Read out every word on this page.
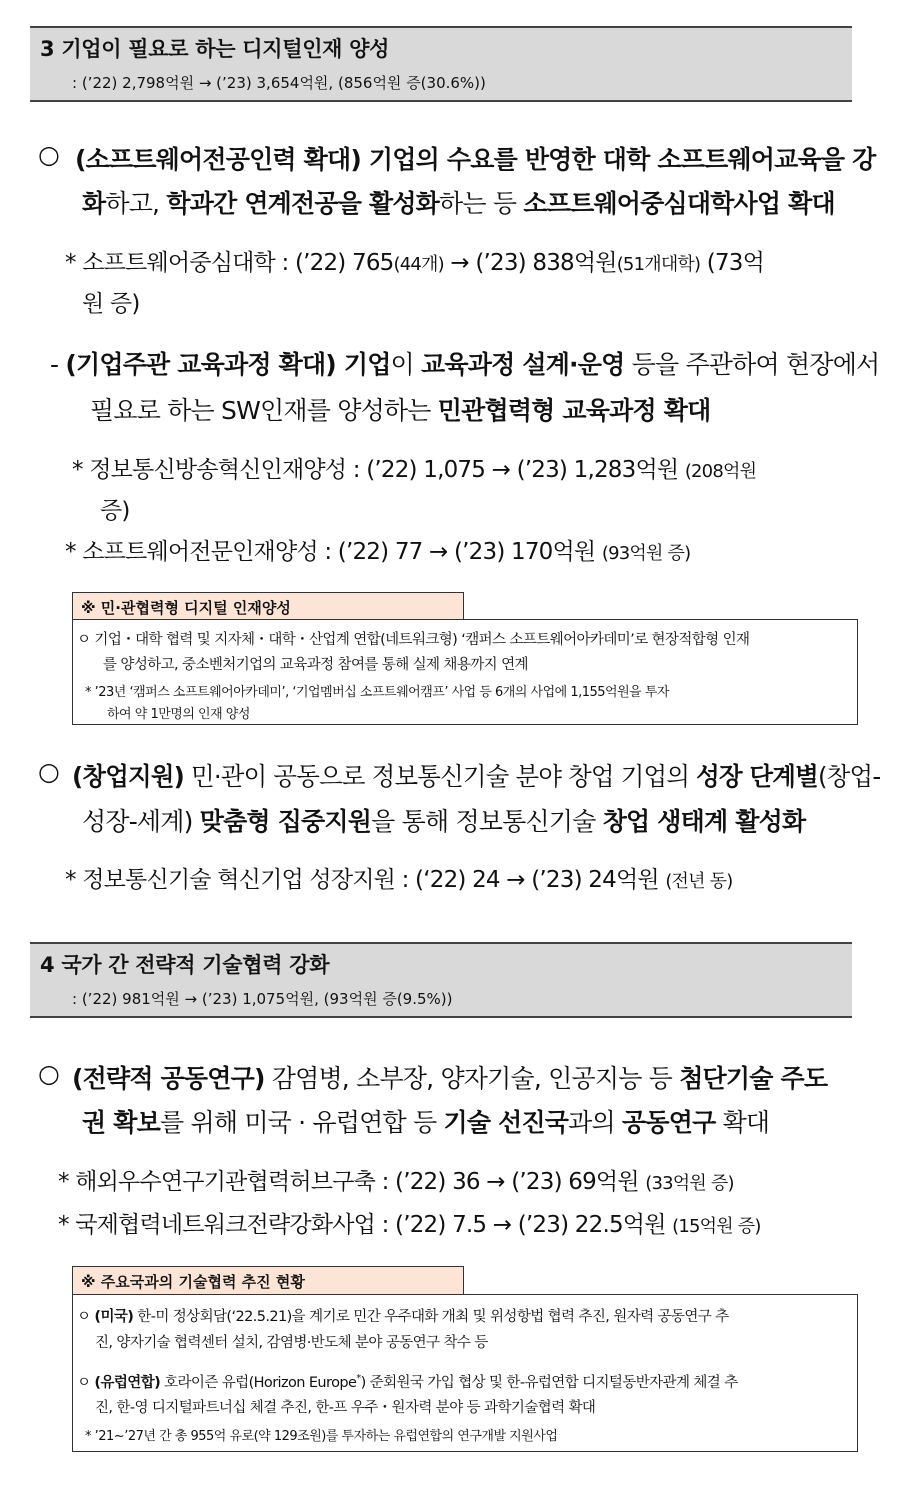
3 기업이 필요로 하는 디지털인재 양성
: (’22) 2,798억원 → (’23) 3,654억원, (856억원 증(30.6%))
○ (소프트웨어전공인력 확대) 기업의 수요를 반영한 대학 소프트웨어교육을 강
화하고, 학과간 연계전공을 활성화하는 등 소프트웨어중심대학사업 확대
* 소프트웨어중심대학 : (’22) 765(44개) → (’23) 838억원(51개대학) (73억
원 증)
- (기업주관 교육과정 확대) 기업이 교육과정 설계·운영 등을 주관하여 현장에서
필요로 하는 SW인재를 양성하는 민관협력형 교육과정 확대
* 정보통신방송혁신인재양성 : (’22) 1,075 → (’23) 1,283억원 (208억원
증)
* 소프트웨어전문인재양성 : (’22) 77 → (’23) 170억원 (93억원 증)
※ 민·관협력형 디지털 인재양성
ㅇ 기업・대학 협력 및 지자체・대학・산업계 연합(네트워크형) ‘캠퍼스 소프트웨어아카데미’로 현장적합형 인재
를 양성하고, 중소벤처기업의 교육과정 참여를 통해 실제 채용까지 연계
* ’23년 ‘캠퍼스 소프트웨어아카데미’, ‘기업멤버십 소프트웨어캠프’ 사업 등 6개의 사업에 1,155억원을 투자
하여 약 1만명의 인재 양성
○ (창업지원) 민·관이 공동으로 정보통신기술 분야 창업 기업의 성장 단계별(창업-
성장-세계) 맞춤형 집중지원을 통해 정보통신기술 창업 생태계 활성화
* 정보통신기술 혁신기업 성장지원 : (‘22) 24 → (’23) 24억원 (전년 동)
4 국가 간 전략적 기술협력 강화
: (’22) 981억원 → (’23) 1,075억원, (93억원 증(9.5%))
○ (전략적 공동연구) 감염병, 소부장, 양자기술, 인공지능 등 첨단기술 주도
권 확보를 위해 미국 · 유럽연합 등 기술 선진국과의 공동연구 확대
* 해외우수연구기관협력허브구축 : (’22) 36 → (’23) 69억원 (33억원 증)
* 국제협력네트워크전략강화사업 : (’22) 7.5 → (’23) 22.5억원 (15억원 증)
※ 주요국과의 기술협력 추진 현황
ㅇ (미국) 한-미 정상회담(‘22.5.21)을 계기로 민간 우주대화 개최 및 위성항법 협력 추진, 원자력 공동연구 추
진, 양자기술 협력센터 설치, 감염병·반도체 분야 공동연구 착수 등
ㅇ (유럽연합) 호라이즌 유럽(Horizon Europe*) 준회원국 가입 협상 및 한-유럽연합 디지털동반자관계 체결 추
진, 한-영 디지털파트너십 체결 추진, 한-프 우주・원자력 분야 등 과학기술협력 확대
* ’21~’27년 간 총 955억 유로(약 129조원)를 투자하는 유럽연합의 연구개발 지원사업
